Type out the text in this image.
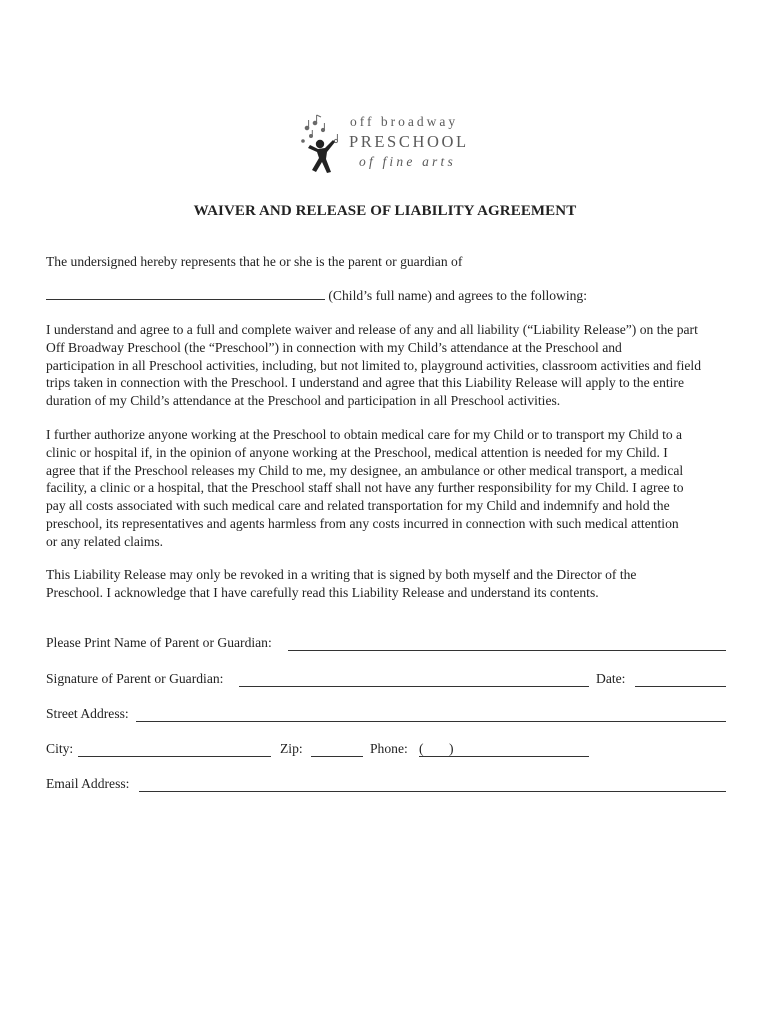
off broadway
PRESCHOOL
of fine arts
WAIVER AND RELEASE OF LIABILITY AGREEMENT
The undersigned hereby represents that he or she is the parent or guardian of
(Child’s full name) and agrees to the following:
I understand and agree to a full and complete waiver and release of any and all liability (“Liability Release”) on the part
Off Broadway Preschool (the “Preschool”) in connection with my Child’s attendance at the Preschool and
participation in all Preschool activities, including, but not limited to, playground activities, classroom activities and field
trips taken in connection with the Preschool. I understand and agree that this Liability Release will apply to the entire
duration of my Child’s attendance at the Preschool and participation in all Preschool activities.
I further authorize anyone working at the Preschool to obtain medical care for my Child or to transport my Child to a
clinic or hospital if, in the opinion of anyone working at the Preschool, medical attention is needed for my Child. I
agree that if the Preschool releases my Child to me, my designee, an ambulance or other medical transport, a medical
facility, a clinic or a hospital, that the Preschool staff shall not have any further responsibility for my Child. I agree to
pay all costs associated with such medical care and related transportation for my Child and indemnify and hold the
preschool, its representatives and agents harmless from any costs incurred in connection with such medical attention
or any related claims.
This Liability Release may only be revoked in a writing that is signed by both myself and the Director of the
Preschool. I acknowledge that I have carefully read this Liability Release and understand its contents.
Please Print Name of Parent or Guardian:
Signature of Parent or Guardian:	Date:
Street Address:
City:	Zip:	Phone: ( )
Email Address:
